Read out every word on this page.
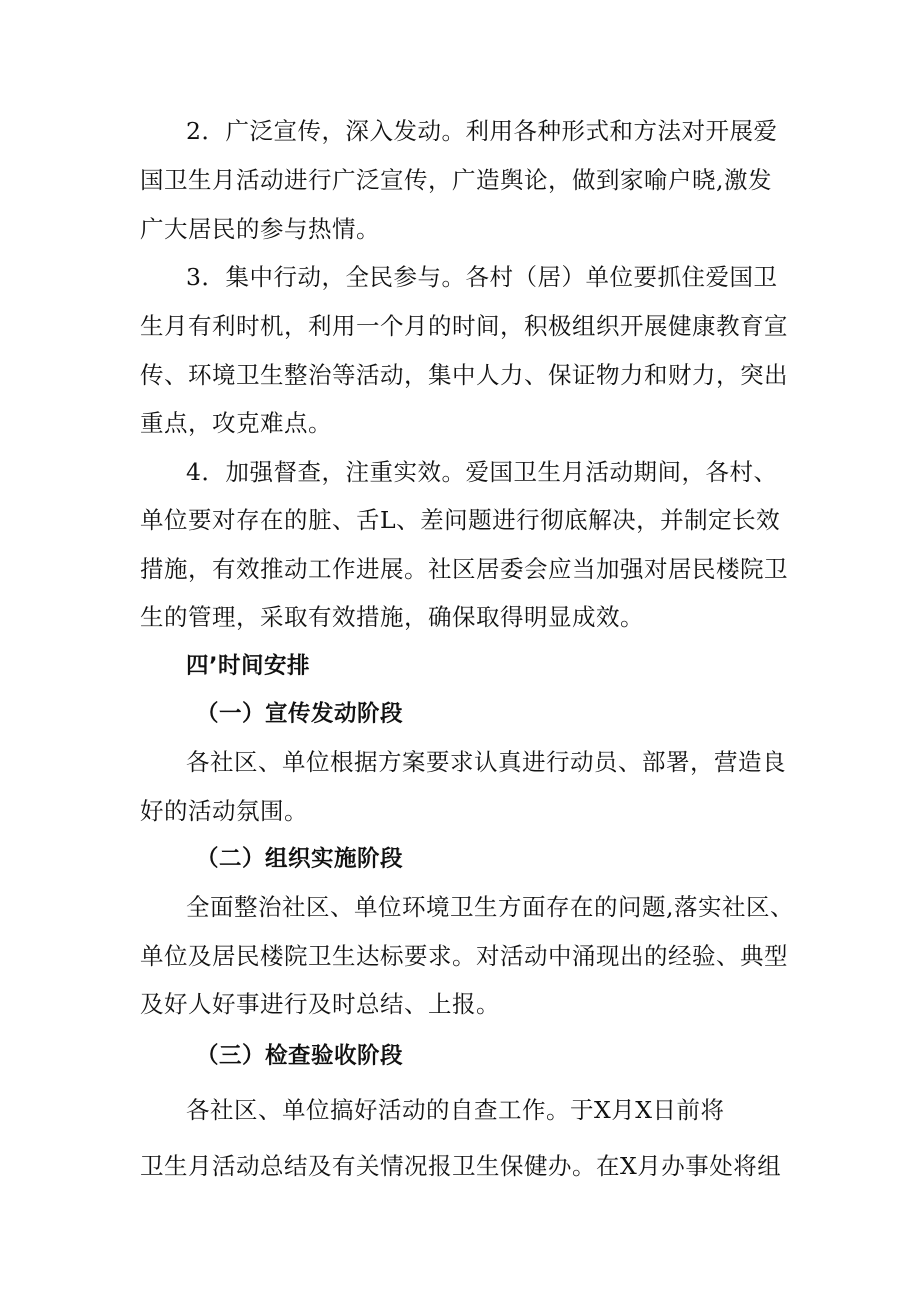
2．广泛宣传，深入发动。利用各种形式和方法对开展爱
国卫生月活动进行广泛宣传，广造舆论，做到家喻户晓,激发
广大居民的参与热情。
3．集中行动，全民参与。各村（居）单位要抓住爱国卫
生月有利时机，利用一个月的时间，积极组织开展健康教育宣
传、环境卫生整治等活动，集中人力、保证物力和财力，突出
重点，攻克难点。
4．加强督查，注重实效。爱国卫生月活动期间，各村、
单位要对存在的脏、舌L、差问题进行彻底解决，并制定长效
措施，有效推动工作进展。社区居委会应当加强对居民楼院卫
生的管理，采取有效措施，确保取得明显成效。
四’时间安排
（一）宣传发动阶段
各社区、单位根据方案要求认真进行动员、部署，营造良
好的活动氛围。
（二）组织实施阶段
全面整治社区、单位环境卫生方面存在的问题,落实社区、
单位及居民楼院卫生达标要求。对活动中涌现出的经验、典型
及好人好事进行及时总结、上报。
（三）检查验收阶段
各社区、单位搞好活动的自查工作。于X月X日前将
卫生月活动总结及有关情况报卫生保健办。在X月办事处将组
